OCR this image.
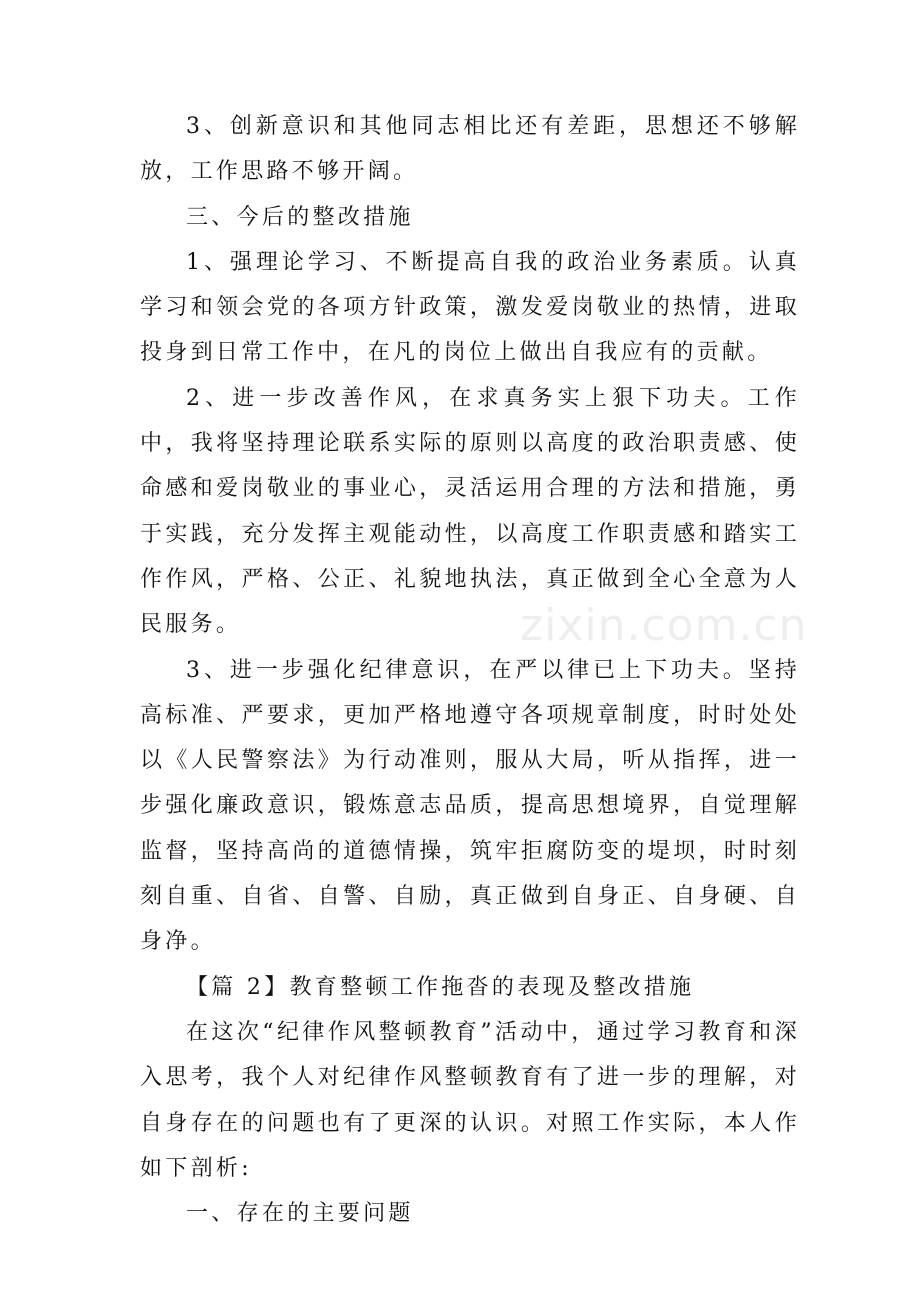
zixin.com.cn

3、创新意识和其他同志相比还有差距，思想还不够解放，工作思路不够开阔。

三、今后的整改措施

1、强理论学习、不断提高自我的政治业务素质。认真学习和领会党的各项方针政策，激发爱岗敬业的热情，进取投身到日常工作中，在凡的岗位上做出自我应有的贡献。

2、进一步改善作风，在求真务实上狠下功夫。工作中，我将坚持理论联系实际的原则以高度的政治职责感、使命感和爱岗敬业的事业心，灵活运用合理的方法和措施，勇于实践，充分发挥主观能动性，以高度工作职责感和踏实工作作风，严格、公正、礼貌地执法，真正做到全心全意为人民服务。

3、进一步强化纪律意识，在严以律已上下功夫。坚持高标准、严要求，更加严格地遵守各项规章制度，时时处处以《人民警察法》为行动准则，服从大局，听从指挥，进一步强化廉政意识，锻炼意志品质，提高思想境界，自觉理解监督，坚持高尚的道德情操，筑牢拒腐防变的堤坝，时时刻刻自重、自省、自警、自励，真正做到自身正、自身硬、自身净。

【篇 2】教育整顿工作拖沓的表现及整改措施

在这次“纪律作风整顿教育”活动中，通过学习教育和深入思考，我个人对纪律作风整顿教育有了进一步的理解，对自身存在的问题也有了更深的认识。对照工作实际，本人作如下剖析:

一、存在的主要问题
